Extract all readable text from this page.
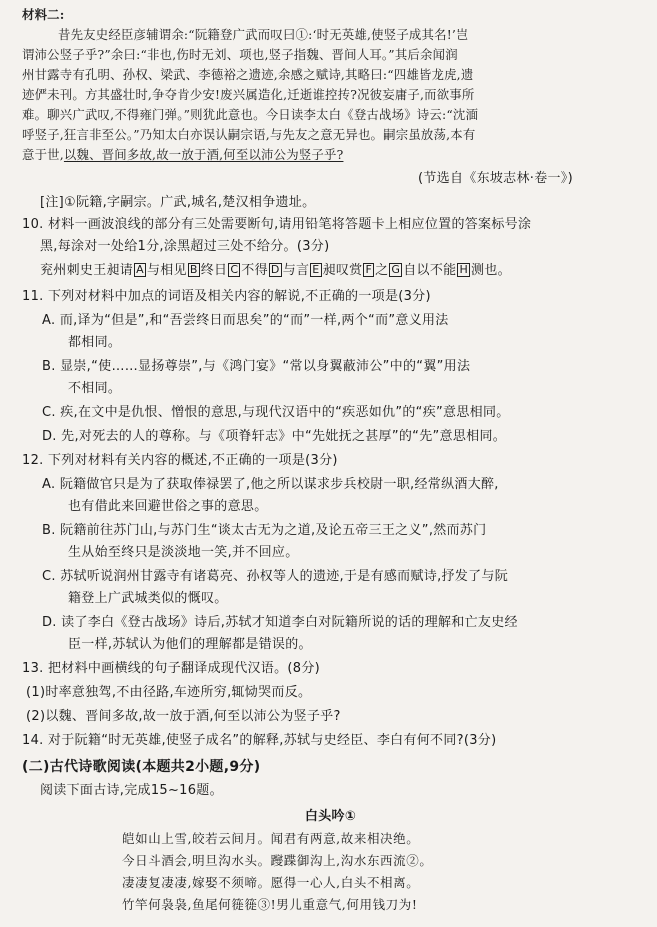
材料二:
昔先友史经臣彦辅谓余:“阮籍登广武而叹曰①:‘时无英雄,使竖子成其名!’岂
谓沛公竖子乎?”余曰:“非也,伤时无刘、项也,竖子指魏、晋间人耳。”其后余闻润
州甘露寺有孔明、孙权、梁武、李德裕之遗迹,余感之赋诗,其略曰:“四雄皆龙虎,遗
迹俨未刊。方其盛壮时,争夺肯少安!废兴属造化,迁逝谁控抟?况彼妄庸子,而欲事所
难。聊兴广武叹,不得雍门弹。”则犹此意也。今日读李太白《登古战场》诗云:“沈湎
呼竖子,狂言非至公。”乃知太白亦误认嗣宗语,与先友之意无异也。嗣宗虽放荡,本有
意于世,以魏、晋间多故,故一放于酒,何至以沛公为竖子乎?
(节选自《东坡志林·卷一》)
[注]①阮籍,字嗣宗。广武,城名,楚汉相争遗址。
10. 材料一画波浪线的部分有三处需要断句,请用铅笔将答题卡上相应位置的答案标号涂
黑,每涂对一处给1分,涂黑超过三处不给分。(3分)
兖州刺史王昶请 A 与相见 B 终日 C 不得 D 与言 E 昶叹赏 F 之 G 自以不能 H 测也。
11. 下列对材料中加点的词语及相关内容的解说,不正确的一项是(3分)
A. 而,译为“但是”,和“吾尝终日而思矣”的“而”一样,两个“而”意义用法
都相同。
B. 显崇,“使……显扬尊崇”,与《鸿门宴》“常以身翼蔽沛公”中的“翼”用法
不相同。
C. 疾,在文中是仇恨、憎恨的意思,与现代汉语中的“疾恶如仇”的“疾”意思相同。
D. 先,对死去的人的尊称。与《项脊轩志》中“先妣抚之甚厚”的“先”意思相同。
12. 下列对材料有关内容的概述,不正确的一项是(3分)
A. 阮籍做官只是为了获取俸禄罢了,他之所以谋求步兵校尉一职,经常纵酒大醉,
也有借此来回避世俗之事的意思。
B. 阮籍前往苏门山,与苏门生“谈太古无为之道,及论五帝三王之义”,然而苏门
生从始至终只是淡淡地一笑,并不回应。
C. 苏轼听说润州甘露寺有诸葛亮、孙权等人的遗迹,于是有感而赋诗,抒发了与阮
籍登上广武城类似的慨叹。
D. 读了李白《登古战场》诗后,苏轼才知道李白对阮籍所说的话的理解和亡友史经
臣一样,苏轼认为他们的理解都是错误的。
13. 把材料中画横线的句子翻译成现代汉语。(8分)
(1)时率意独驾,不由径路,车迹所穷,辄恸哭而反。
(2)以魏、晋间多故,故一放于酒,何至以沛公为竖子乎?
14. 对于阮籍“时无英雄,使竖子成名”的解释,苏轼与史经臣、李白有何不同?(3分)
(二)古代诗歌阅读(本题共2小题,9分)
阅读下面古诗,完成15~16题。
白头吟①
皑如山上雪,皎若云间月。闻君有两意,故来相决绝。
今日斗酒会,明旦沟水头。躞蹀御沟上,沟水东西流②。
凄凄复凄凄,嫁娶不须啼。愿得一心人,白头不相离。
竹竿何袅袅,鱼尾何簁簁③!男儿重意气,何用钱刀为!
